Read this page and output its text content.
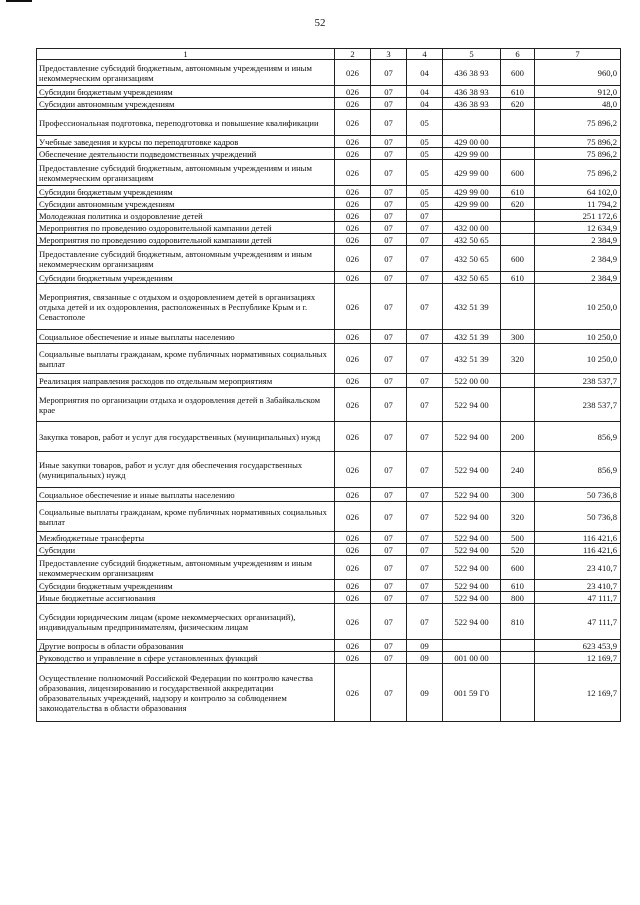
52
1	2	3	4	5	6	7
Предоставление субсидий бюджетным, автономным учреждениям и иным некоммерческим организациям	026	07	04	436 38 93	600	960,0
Субсидии бюджетным учреждениям	026	07	04	436 38 93	610	912,0
Субсидии автономным учреждениям	026	07	04	436 38 93	620	48,0
Профессиональная подготовка, переподготовка и повышение квалификации	026	07	05			75 896,2
Учебные заведения и курсы по переподготовке кадров	026	07	05	429 00 00		75 896,2
Обеспечение деятельности подведомственных учреждений	026	07	05	429 99 00		75 896,2
Предоставление субсидий бюджетным, автономным учреждениям и иным некоммерческим организациям	026	07	05	429 99 00	600	75 896,2
Субсидии бюджетным учреждениям	026	07	05	429 99 00	610	64 102,0
Субсидии автономным учреждениям	026	07	05	429 99 00	620	11 794,2
Молодежная политика и оздоровление детей	026	07	07			251 172,6
Мероприятия по проведению оздоровительной кампании детей	026	07	07	432 00 00		12 634,9
Мероприятия по проведению оздоровительной кампании детей	026	07	07	432 50 65		2 384,9
Предоставление субсидий бюджетным, автономным учреждениям и иным некоммерческим организациям	026	07	07	432 50 65	600	2 384,9
Субсидии бюджетным учреждениям	026	07	07	432 50 65	610	2 384,9
Мероприятия, связанные с отдыхом и оздоровлением детей в организациях отдыха детей и их оздоровления, расположенных в Республике Крым и г. Севастополе	026	07	07	432 51 39		10 250,0
Социальное обеспечение и иные выплаты населению	026	07	07	432 51 39	300	10 250,0
Социальные выплаты гражданам, кроме публичных нормативных социальных выплат	026	07	07	432 51 39	320	10 250,0
Реализация направления расходов по отдельным мероприятиям	026	07	07	522 00 00		238 537,7
Мероприятия по организации отдыха и оздоровления детей в Забайкальском крае	026	07	07	522 94 00		238 537,7
Закупка товаров, работ и услуг для государственных (муниципальных) нужд	026	07	07	522 94 00	200	856,9
Иные закупки товаров, работ и услуг для обеспечения государственных (муниципальных) нужд	026	07	07	522 94 00	240	856,9
Социальное обеспечение и иные выплаты населению	026	07	07	522 94 00	300	50 736,8
Социальные выплаты гражданам, кроме публичных нормативных социальных выплат	026	07	07	522 94 00	320	50 736,8
Межбюджетные трансферты	026	07	07	522 94 00	500	116 421,6
Субсидии	026	07	07	522 94 00	520	116 421,6
Предоставление субсидий бюджетным, автономным учреждениям и иным некоммерческим организациям	026	07	07	522 94 00	600	23 410,7
Субсидии бюджетным учреждениям	026	07	07	522 94 00	610	23 410,7
Иные бюджетные ассигнования	026	07	07	522 94 00	800	47 111,7
Субсидии юридическим лицам (кроме некоммерческих организаций), индивидуальным предпринимателям, физическим лицам	026	07	07	522 94 00	810	47 111,7
Другие вопросы в области образования	026	07	09			623 453,9
Руководство и управление в сфере установленных функций	026	07	09	001 00 00		12 169,7
Осуществление полномочий Российской Федерации по контролю качества образования, лицензированию и государственной аккредитации образовательных учреждений, надзору и контролю за соблюдением законодательства в области образования	026	07	09	001 59 Г0		12 169,7
